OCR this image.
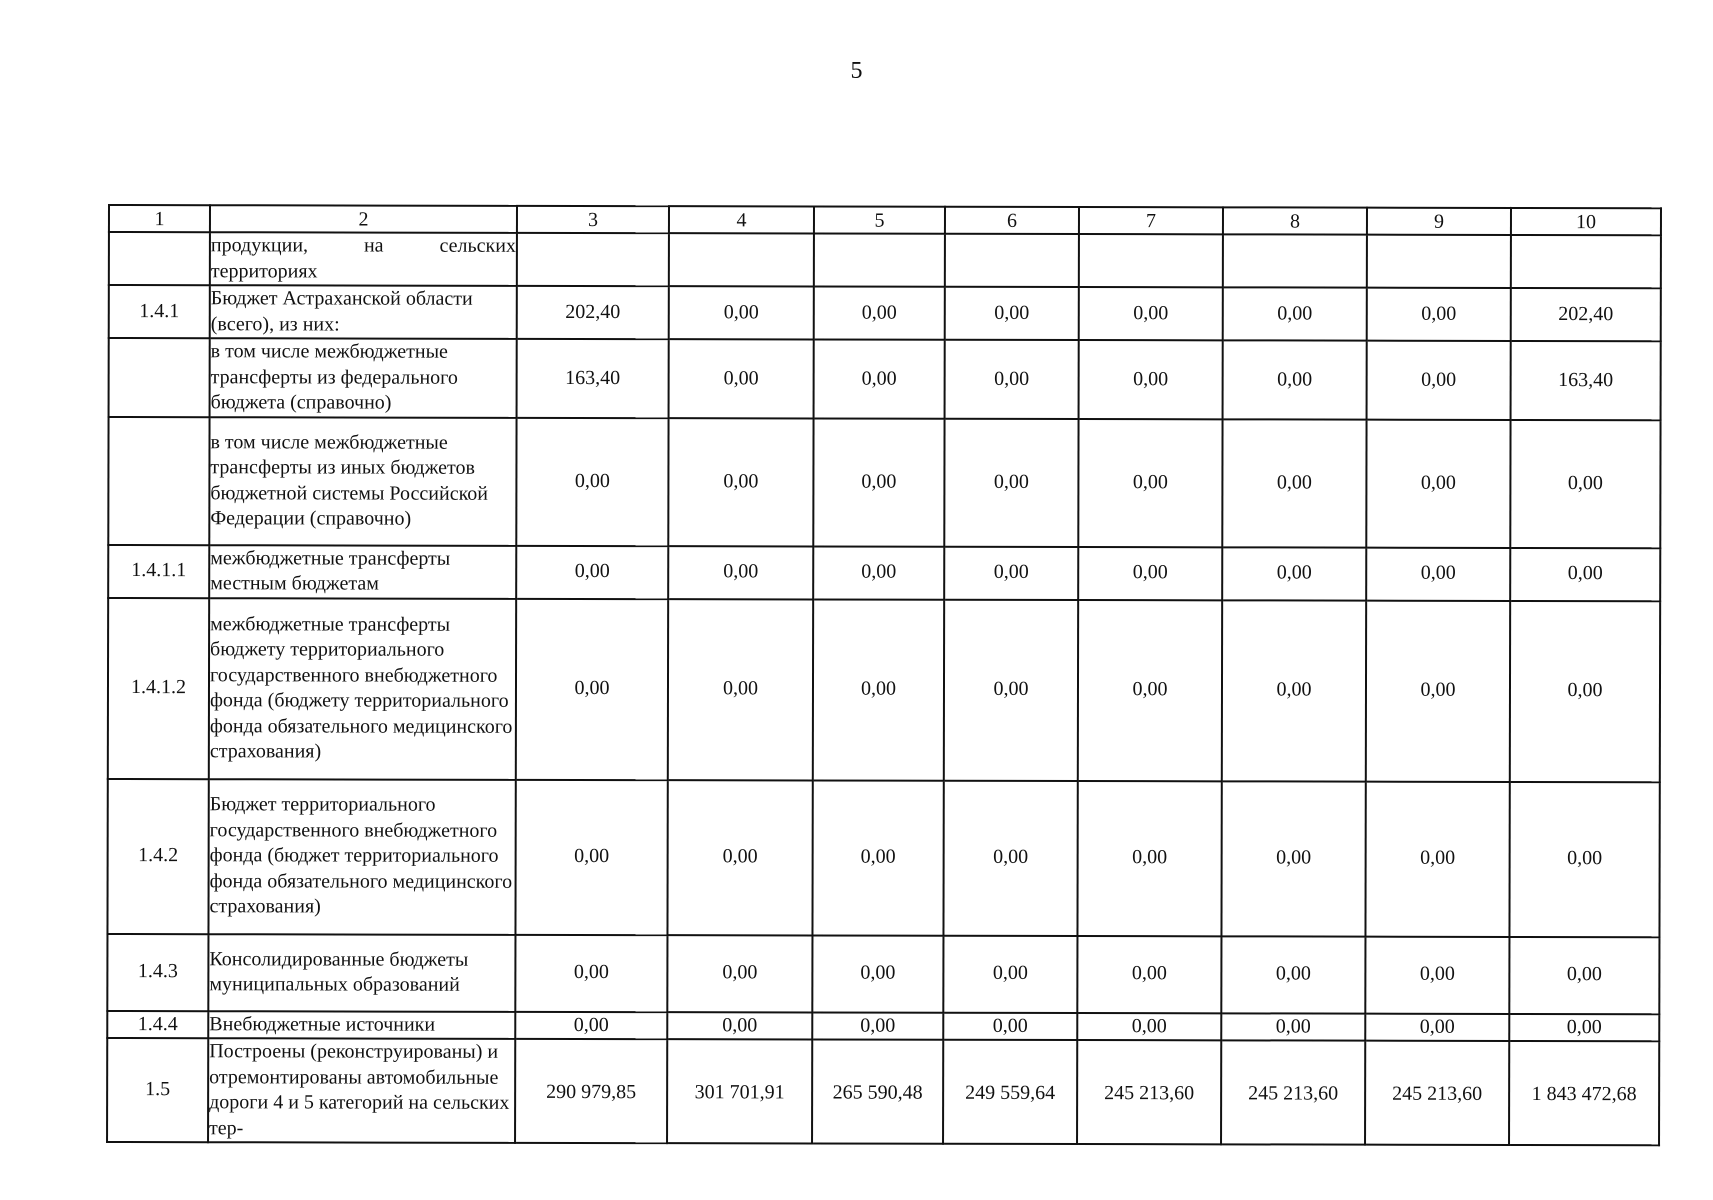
5
1	2	3	4	5	6	7	8	9	10
	продукции, на сельских территориях								
1.4.1	Бюджет Астраханской области (всего), из них:	202,40	0,00	0,00	0,00	0,00	0,00	0,00	202,40
	в том числе межбюджетные трансферты из федерального бюджета (справочно)	163,40	0,00	0,00	0,00	0,00	0,00	0,00	163,40
	в том числе межбюджетные трансферты из иных бюджетов бюджетной системы Российской Федерации (справочно)	0,00	0,00	0,00	0,00	0,00	0,00	0,00	0,00
1.4.1.1	межбюджетные трансферты местным бюджетам	0,00	0,00	0,00	0,00	0,00	0,00	0,00	0,00
1.4.1.2	межбюджетные трансферты бюджету территориального государственного внебюджетного фонда (бюджету территориального фонда обязательного медицинского страхования)	0,00	0,00	0,00	0,00	0,00	0,00	0,00	0,00
1.4.2	Бюджет территориального государственного внебюджетного фонда (бюджет территориального фонда обязательного медицинского страхования)	0,00	0,00	0,00	0,00	0,00	0,00	0,00	0,00
1.4.3	Консолидированные бюджеты муниципальных образований	0,00	0,00	0,00	0,00	0,00	0,00	0,00	0,00
1.4.4	Внебюджетные источники	0,00	0,00	0,00	0,00	0,00	0,00	0,00	0,00
1.5	Построены (реконструированы) и отремонтированы автомобильные дороги 4 и 5 категорий на сельских тер-	290 979,85	301 701,91	265 590,48	249 559,64	245 213,60	245 213,60	245 213,60	1 843 472,68
